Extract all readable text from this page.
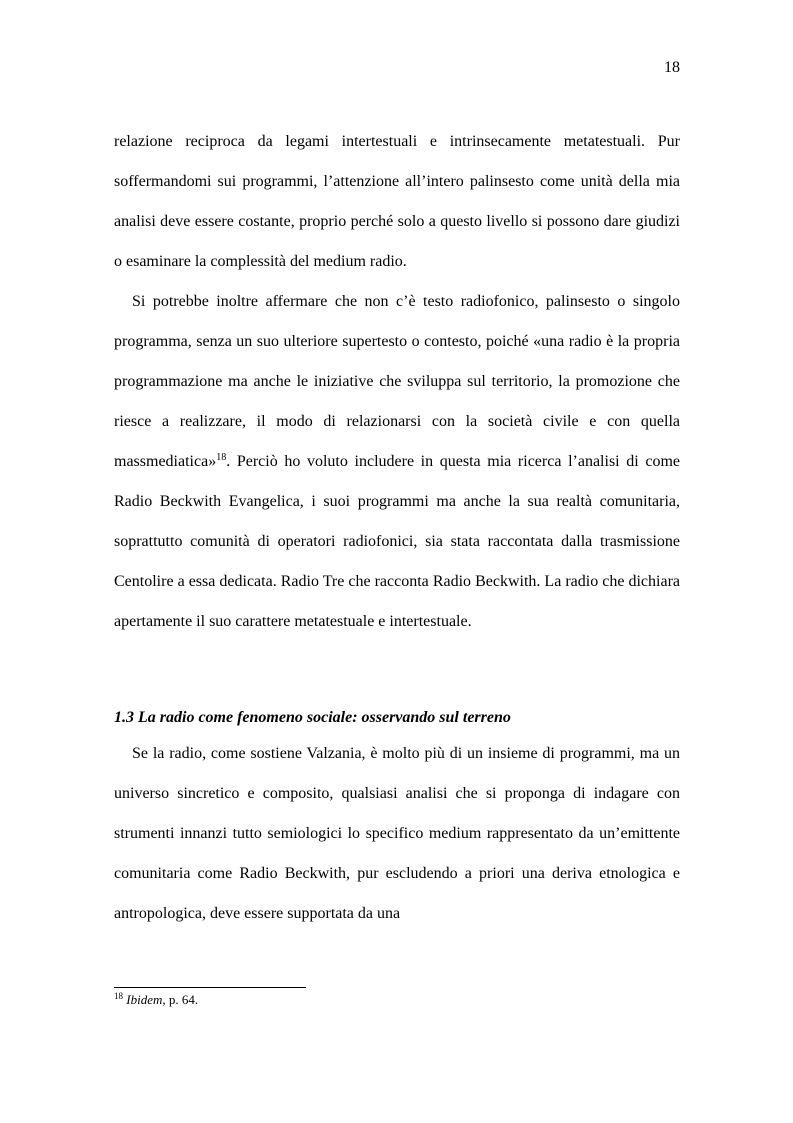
18

relazione reciproca da legami intertestuali e intrinsecamente metatestuali. Pur soffermandomi sui programmi, l’attenzione all’intero palinsesto come unità della mia analisi deve essere costante, proprio perché solo a questo livello si possono dare giudizi o esaminare la complessità del medium radio.

Si potrebbe inoltre affermare che non c’è testo radiofonico, palinsesto o singolo programma, senza un suo ulteriore supertesto o contesto, poiché «una radio è la propria programmazione ma anche le iniziative che sviluppa sul territorio, la promozione che riesce a realizzare, il modo di relazionarsi con la società civile e con quella massmediatica»$^{18}$. Perciò ho voluto includere in questa mia ricerca l’analisi di come Radio Beckwith Evangelica, i suoi programmi ma anche la sua realtà comunitaria, soprattutto comunità di operatori radiofonici, sia stata raccontata dalla trasmissione Centolire a essa dedicata. Radio Tre che racconta Radio Beckwith. La radio che dichiara apertamente il suo carattere metatestuale e intertestuale.

1.3 La radio come fenomeno sociale: osservando sul terreno

Se la radio, come sostiene Valzania, è molto più di un insieme di programmi, ma un universo sincretico e composito, qualsiasi analisi che si proponga di indagare con strumenti innanzi tutto semiologici lo specifico medium rappresentato da un’emittente comunitaria come Radio Beckwith, pur escludendo a priori una deriva etnologica e antropologica, deve essere supportata da una

$^{18}$ Ibidem, p. 64.
